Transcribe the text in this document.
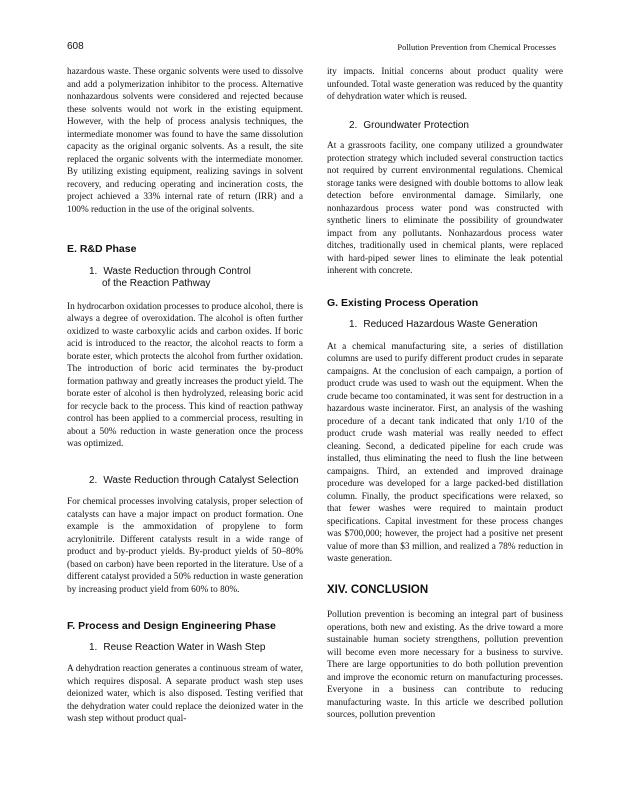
608	Pollution Prevention from Chemical Processes

hazardous waste. These organic solvents were used to dissolve and add a polymerization inhibitor to the process. Alternative nonhazardous solvents were considered and rejected because these solvents would not work in the existing equipment. However, with the help of process analysis techniques, the intermediate monomer was found to have the same dissolution capacity as the original organic solvents. As a result, the site replaced the organic solvents with the intermediate monomer. By utilizing existing equipment, realizing savings in solvent recovery, and reducing operating and incineration costs, the project achieved a 33% internal rate of return (IRR) and a 100% reduction in the use of the original solvents.

E. R&D Phase
1. Waste Reduction through Control
of the Reaction Pathway

In hydrocarbon oxidation processes to produce alcohol, there is always a degree of overoxidation. The alcohol is often further oxidized to waste carboxylic acids and carbon oxides. If boric acid is introduced to the reactor, the alcohol reacts to form a borate ester, which protects the alcohol from further oxidation. The introduction of boric acid terminates the by-product formation pathway and greatly increases the product yield. The borate ester of alcohol is then hydrolyzed, releasing boric acid for recycle back to the process. This kind of reaction pathway control has been applied to a commercial process, resulting in about a 50% reduction in waste generation once the process was optimized.

2. Waste Reduction through Catalyst Selection

For chemical processes involving catalysis, proper selection of catalysts can have a major impact on product formation. One example is the ammoxidation of propylene to form acrylonitrile. Different catalysts result in a wide range of product and by-product yields. By-product yields of 50–80% (based on carbon) have been reported in the literature. Use of a different catalyst provided a 50% reduction in waste generation by increasing product yield from 60% to 80%.

F. Process and Design Engineering Phase
1. Reuse Reaction Water in Wash Step

A dehydration reaction generates a continuous stream of water, which requires disposal. A separate product wash step uses deionized water, which is also disposed. Testing verified that the dehydration water could replace the deionized water in the wash step without product qual-

ity impacts. Initial concerns about product quality were unfounded. Total waste generation was reduced by the quantity of dehydration water which is reused.

2. Groundwater Protection

At a grassroots facility, one company utilized a groundwater protection strategy which included several construction tactics not required by current environmental regulations. Chemical storage tanks were designed with double bottoms to allow leak detection before environmental damage. Similarly, one nonhazardous process water pond was constructed with synthetic liners to eliminate the possibility of groundwater impact from any pollutants. Nonhazardous process water ditches, traditionally used in chemical plants, were replaced with hard-piped sewer lines to eliminate the leak potential inherent with concrete.

G. Existing Process Operation
1. Reduced Hazardous Waste Generation

At a chemical manufacturing site, a series of distillation columns are used to purify different product crudes in separate campaigns. At the conclusion of each campaign, a portion of product crude was used to wash out the equipment. When the crude became too contaminated, it was sent for destruction in a hazardous waste incinerator. First, an analysis of the washing procedure of a decant tank indicated that only 1/10 of the product crude wash material was really needed to effect cleaning. Second, a dedicated pipeline for each crude was installed, thus eliminating the need to flush the line between campaigns. Third, an extended and improved drainage procedure was developed for a large packed-bed distillation column. Finally, the product specifications were relaxed, so that fewer washes were required to maintain product specifications. Capital investment for these process changes was $700,000; however, the project had a positive net present value of more than $3 million, and realized a 78% reduction in waste generation.

XIV. CONCLUSION

Pollution prevention is becoming an integral part of business operations, both new and existing. As the drive toward a more sustainable human society strengthens, pollution prevention will become even more necessary for a business to survive. There are large opportunities to do both pollution prevention and improve the economic return on manufacturing processes. Everyone in a business can contribute to reducing manufacturing waste. In this article we described pollution sources, pollution prevention
